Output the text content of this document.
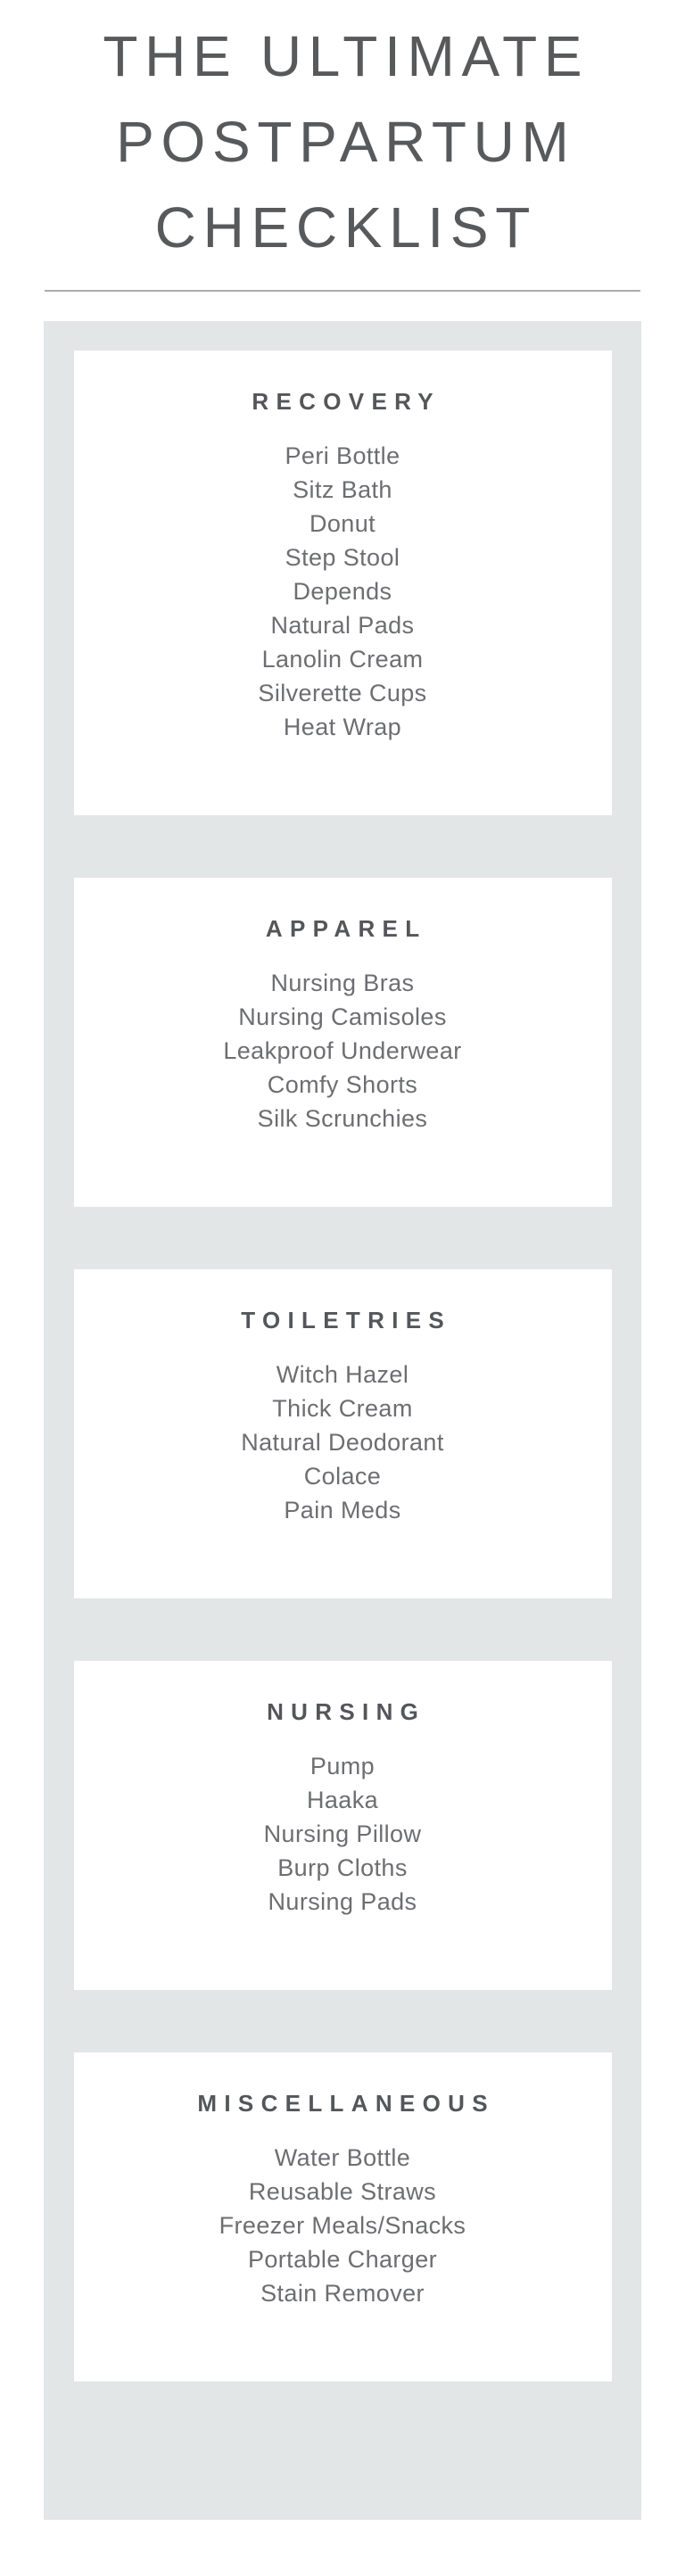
THE ULTIMATE
POSTPARTUM
CHECKLIST
RECOVERY
Peri Bottle
Sitz Bath
Donut
Step Stool
Depends
Natural Pads
Lanolin Cream
Silverette Cups
Heat Wrap
APPAREL
Nursing Bras
Nursing Camisoles
Leakproof Underwear
Comfy Shorts
Silk Scrunchies
TOILETRIES
Witch Hazel
Thick Cream
Natural Deodorant
Colace
Pain Meds
NURSING
Pump
Haaka
Nursing Pillow
Burp Cloths
Nursing Pads
MISCELLANEOUS
Water Bottle
Reusable Straws
Freezer Meals/Snacks
Portable Charger
Stain Remover
